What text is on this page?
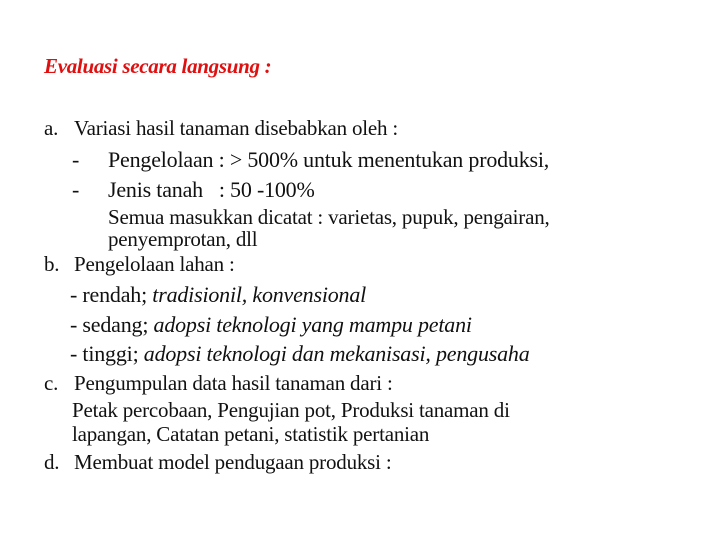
Evaluasi secara langsung :
a. Variasi hasil tanaman disebabkan oleh :
- Pengelolaan : > 500% untuk menentukan produksi,
- Jenis tanah   : 50 -100%
Semua masukkan dicatat : varietas, pupuk, pengairan,
penyemprotan, dll
b. Pengelolaan lahan :
- rendah; tradisionil, konvensional
- sedang; adopsi teknologi yang mampu petani
- tinggi; adopsi teknologi dan mekanisasi, pengusaha
c. Pengumpulan data hasil tanaman dari :
Petak percobaan, Pengujian pot, Produksi tanaman di
lapangan, Catatan petani, statistik pertanian
d. Membuat model pendugaan produksi :
